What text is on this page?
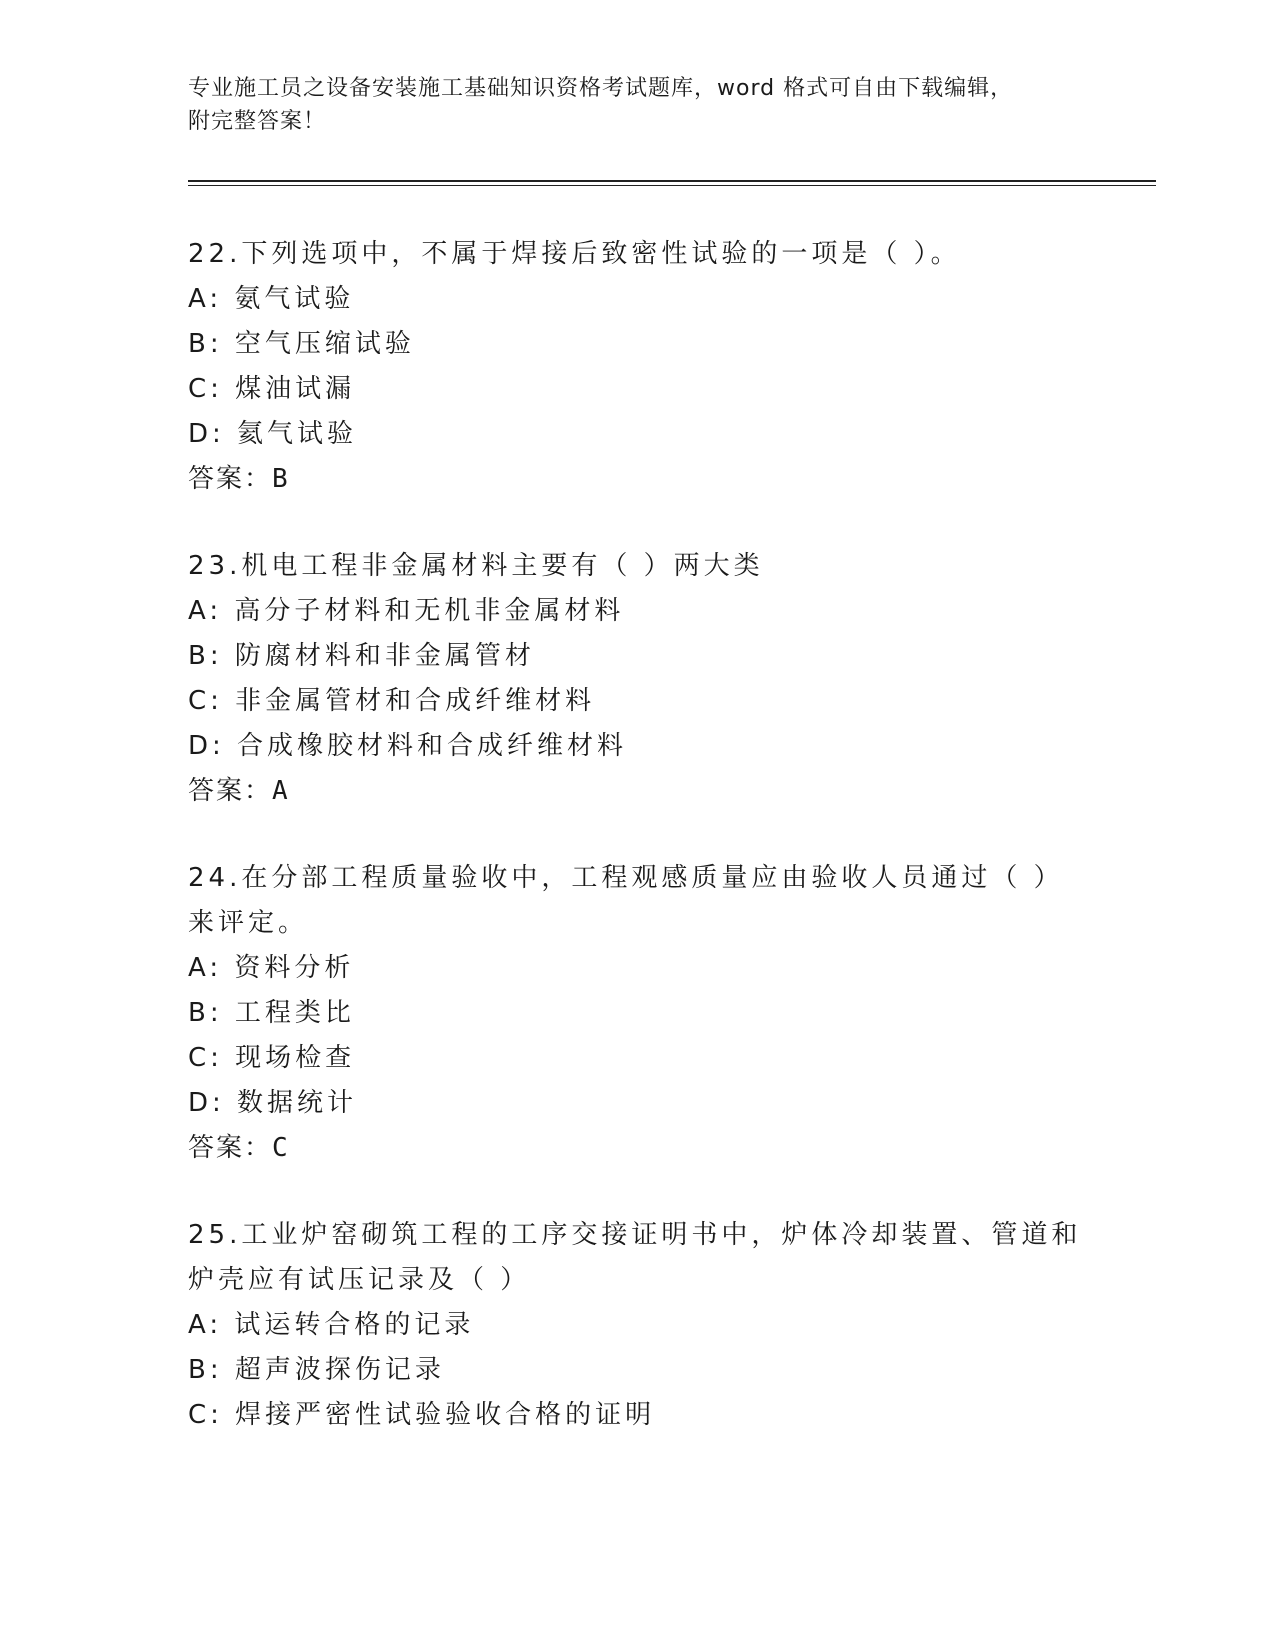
专业施工员之设备安装施工基础知识资格考试题库，word 格式可自由下载编辑，
附完整答案！

22.下列选项中，不属于焊接后致密性试验的一项是（ ）。

A: 氨气试验

B: 空气压缩试验

C: 煤油试漏

D: 氦气试验

答案：B

23.机电工程非金属材料主要有（ ）两大类

A: 高分子材料和无机非金属材料

B: 防腐材料和非金属管材

C: 非金属管材和合成纤维材料

D: 合成橡胶材料和合成纤维材料

答案：A

24.在分部工程质量验收中，工程观感质量应由验收人员通过（ ）来评定。

A: 资料分析

B: 工程类比

C: 现场检查

D: 数据统计

答案：C

25.工业炉窑砌筑工程的工序交接证明书中，炉体冷却装置、管道和炉壳应有试压记录及（ ）

A: 试运转合格的记录

B: 超声波探伤记录

C: 焊接严密性试验验收合格的证明
